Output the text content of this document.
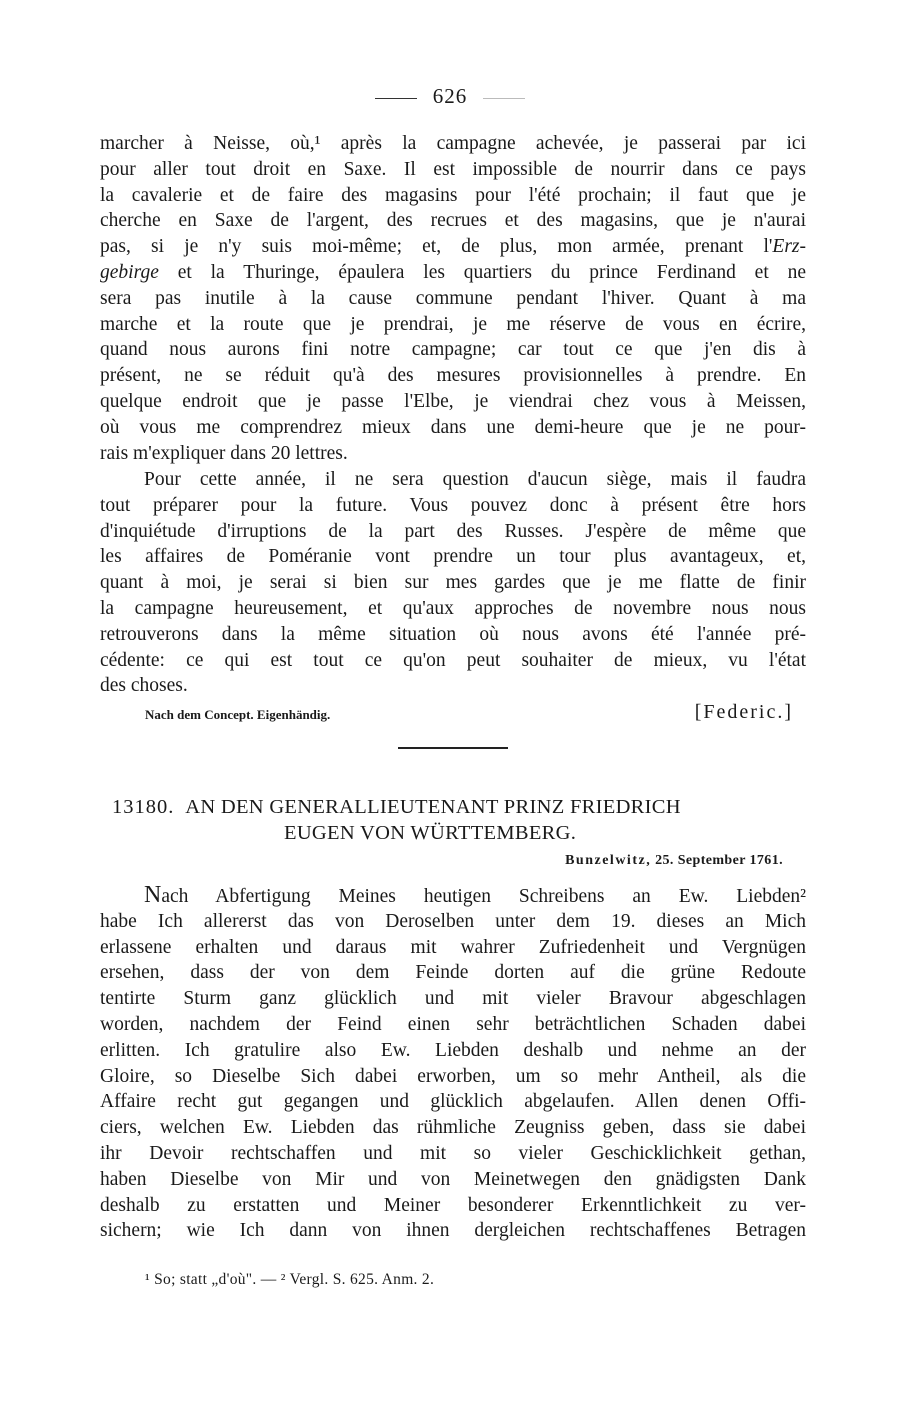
626
marcher à Neisse, où,¹ après la campagne achevée, je passerai par ici
pour aller tout droit en Saxe. Il est impossible de nourrir dans ce pays
la cavalerie et de faire des magasins pour l'été prochain; il faut que je
cherche en Saxe de l'argent, des recrues et des magasins, que je n'aurai
pas, si je n'y suis moi-même; et, de plus, mon armée, prenant l'Erz-
gebirge et la Thuringe, épaulera les quartiers du prince Ferdinand et ne
sera pas inutile à la cause commune pendant l'hiver. Quant à ma
marche et la route que je prendrai, je me réserve de vous en écrire,
quand nous aurons fini notre campagne; car tout ce que j'en dis à
présent, ne se réduit qu'à des mesures provisionnelles à prendre. En
quelque endroit que je passe l'Elbe, je viendrai chez vous à Meissen,
où vous me comprendrez mieux dans une demi-heure que je ne pour-
rais m'expliquer dans 20 lettres.
Pour cette année, il ne sera question d'aucun siège, mais il faudra
tout préparer pour la future. Vous pouvez donc à présent être hors
d'inquiétude d'irruptions de la part des Russes. J'espère de même que
les affaires de Poméranie vont prendre un tour plus avantageux, et,
quant à moi, je serai si bien sur mes gardes que je me flatte de finir
la campagne heureusement, et qu'aux approches de novembre nous nous
retrouverons dans la même situation où nous avons été l'année pré-
cédente: ce qui est tout ce qu'on peut souhaiter de mieux, vu l'état
des choses.
Nach dem Concept. Eigenhändig.	[Federic.]
13180. AN DEN GENERALLIEUTENANT PRINZ FRIEDRICH
EUGEN VON WÜRTTEMBERG.
Bunzelwitz, 25. September 1761.
Nach Abfertigung Meines heutigen Schreibens an Ew. Liebden²
habe Ich allererst das von Deroselben unter dem 19. dieses an Mich
erlassene erhalten und daraus mit wahrer Zufriedenheit und Vergnügen
ersehen, dass der von dem Feinde dorten auf die grüne Redoute
tentirte Sturm ganz glücklich und mit vieler Bravour abgeschlagen
worden, nachdem der Feind einen sehr beträchtlichen Schaden dabei
erlitten. Ich gratulire also Ew. Liebden deshalb und nehme an der
Gloire, so Dieselbe Sich dabei erworben, um so mehr Antheil, als die
Affaire recht gut gegangen und glücklich abgelaufen. Allen denen Offi-
ciers, welchen Ew. Liebden das rühmliche Zeugniss geben, dass sie dabei
ihr Devoir rechtschaffen und mit so vieler Geschicklichkeit gethan,
haben Dieselbe von Mir und von Meinetwegen den gnädigsten Dank
deshalb zu erstatten und Meiner besonderer Erkenntlichkeit zu ver-
sichern; wie Ich dann von ihnen dergleichen rechtschaffenes Betragen
¹ So; statt „d'où". — ² Vergl. S. 625. Anm. 2.
